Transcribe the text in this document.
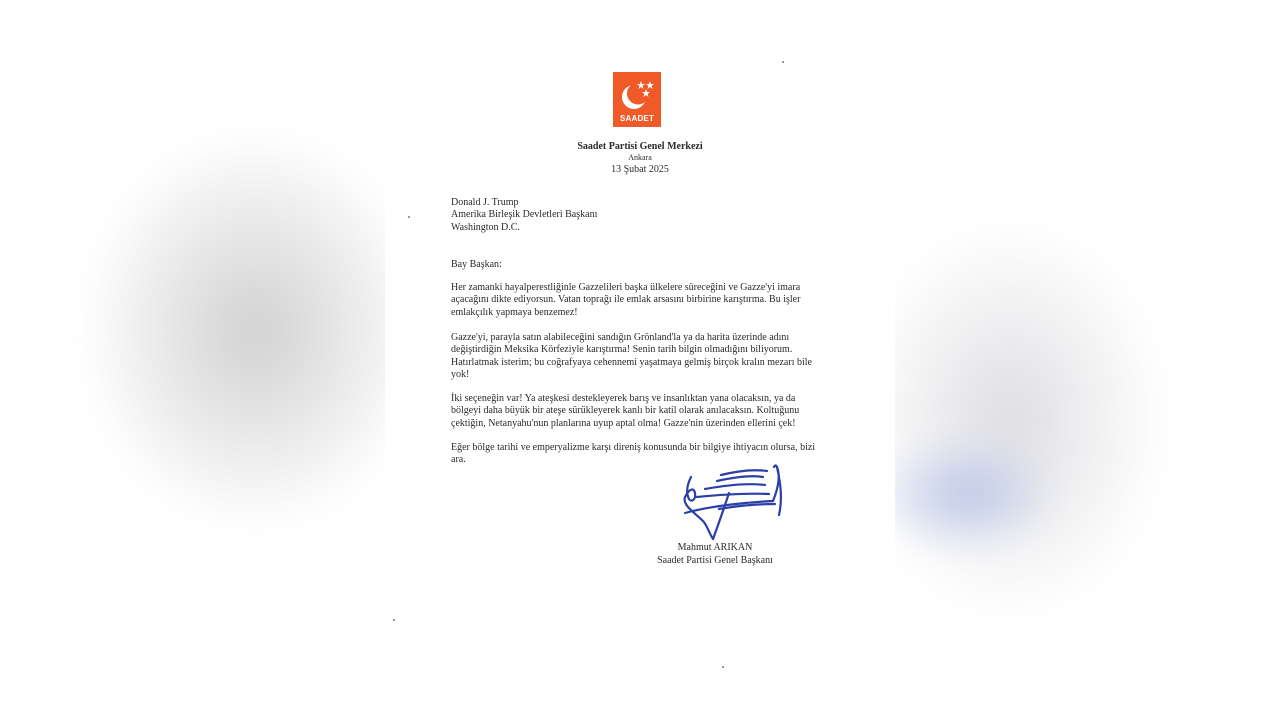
SAADET
Saadet Partisi Genel Merkezi
Ankara
13 Şubat 2025
Donald J. Trump
Amerika Birleşik Devletleri Başkanı
Washington D.C.
Bay Başkan:

Her zamanki hayalperestliğinle Gazzelileri başka ülkelere süreceğini ve Gazze'yi imara açacağını dikte ediyorsun. Vatan toprağı ile emlak arsasını birbirine karıştırma. Bu işler emlakçılık yapmaya benzemez!

Gazze'yi, parayla satın alabileceğini sandığın Grönland'la ya da harita üzerinde adını değiştirdiğin Meksika Körfeziyle karıştırma! Senin tarih bilgin olmadığını biliyorum. Hatırlatmak isterim; bu coğrafyaya cehennemi yaşatmaya gelmiş birçok kralın mezarı bile yok!

İki seçeneğin var! Ya ateşkesi destekleyerek barış ve insanlıktan yana olacaksın, ya da bölgeyi daha büyük bir ateşe sürükleyerek kanlı bir katil olarak anılacaksın. Koltuğunu çektiğin, Netanyahu'nun planlarına uyup aptal olma! Gazze'nin üzerinden ellerini çek!

Eğer bölge tarihi ve emperyalizme karşı direniş konusunda bir bilgiye ihtiyacın olursa, bizi ara.

Mahmut ARIKAN
Saadet Partisi Genel Başkanı
